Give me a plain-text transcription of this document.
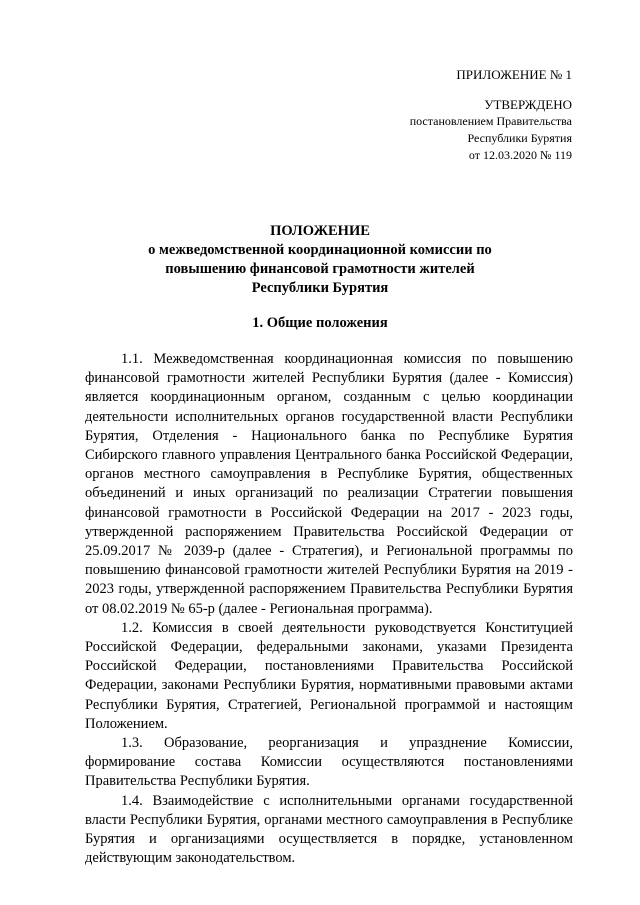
ПРИЛОЖЕНИЕ № 1
УТВЕРЖДЕНО
постановлением Правительства
Республики Бурятия
от 12.03.2020 № 119
ПОЛОЖЕНИЕ
о межведомственной координационной комиссии по
повышению финансовой грамотности жителей
Республики Бурятия
1. Общие положения

1.1. Межведомственная координационная комиссия по повышению финансовой грамотности жителей Республики Бурятия (далее - Комиссия) является координационным органом, созданным с целью координации деятельности исполнительных органов государственной власти Республики Бурятия, Отделения - Национального банка по Республике Бурятия Сибирского главного управления Центрального банка Российской Федерации, органов местного самоуправления в Республике Бурятия, общественных объединений и иных организаций по реализации Стратегии повышения финансовой грамотности в Российской Федерации на 2017 - 2023 годы, утвержденной распоряжением Правительства Российской Федерации от 25.09.2017 № 2039-р (далее - Стратегия), и Региональной программы по повышению финансовой грамотности жителей Республики Бурятия на 2019 - 2023 годы, утвержденной распоряжением Правительства Республики Бурятия от 08.02.2019 № 65-р (далее - Региональная программа).

1.2. Комиссия в своей деятельности руководствуется Конституцией Российской Федерации, федеральными законами, указами Президента Российской Федерации, постановлениями Правительства Российской Федерации, законами Республики Бурятия, нормативными правовыми актами Республики Бурятия, Стратегией, Региональной программой и настоящим Положением.

1.3. Образование, реорганизация и упразднение Комиссии, формирование состава Комиссии осуществляются постановлениями Правительства Республики Бурятия.

1.4. Взаимодействие с исполнительными органами государственной власти Республики Бурятия, органами местного самоуправления в Республике Бурятия и организациями осуществляется в порядке, установленном действующим законодательством.
